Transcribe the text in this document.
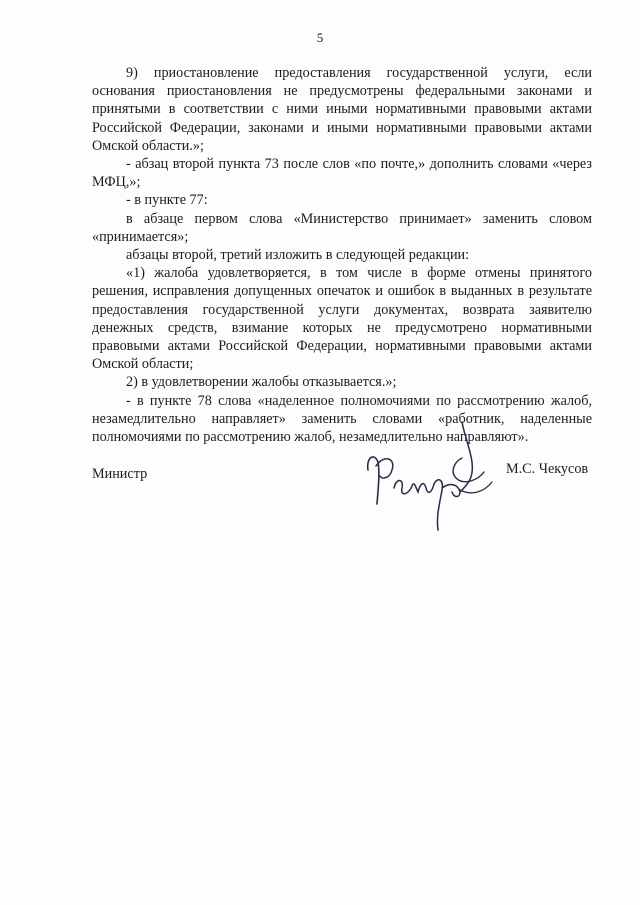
5

9) приостановление предоставления государственной услуги, если основания приостановления не предусмотрены федеральными законами и принятыми в соответствии с ними иными нормативными правовыми актами Российской Федерации, законами и иными нормативными правовыми актами Омской области.»;

- абзац второй пункта 73 после слов «по почте,» дополнить словами «через МФЦ,»;

- в пункте 77:

в абзаце первом слова «Министерство принимает» заменить словом «принимается»;

абзацы второй, третий изложить в следующей редакции:

«1) жалоба удовлетворяется, в том числе в форме отмены принятого решения, исправления допущенных опечаток и ошибок в выданных в результате предоставления государственной услуги документах, возврата заявителю денежных средств, взимание которых не предусмотрено нормативными правовыми актами Российской Федерации, нормативными правовыми актами Омской области;

2) в удовлетворении жалобы отказывается.»;

- в пункте 78 слова «наделенное полномочиями по рассмотрению жалоб, незамедлительно направляет» заменить словами «работник, наделенные полномочиями по рассмотрению жалоб, незамедлительно направляют».

Министр	М.С. Чекусов
